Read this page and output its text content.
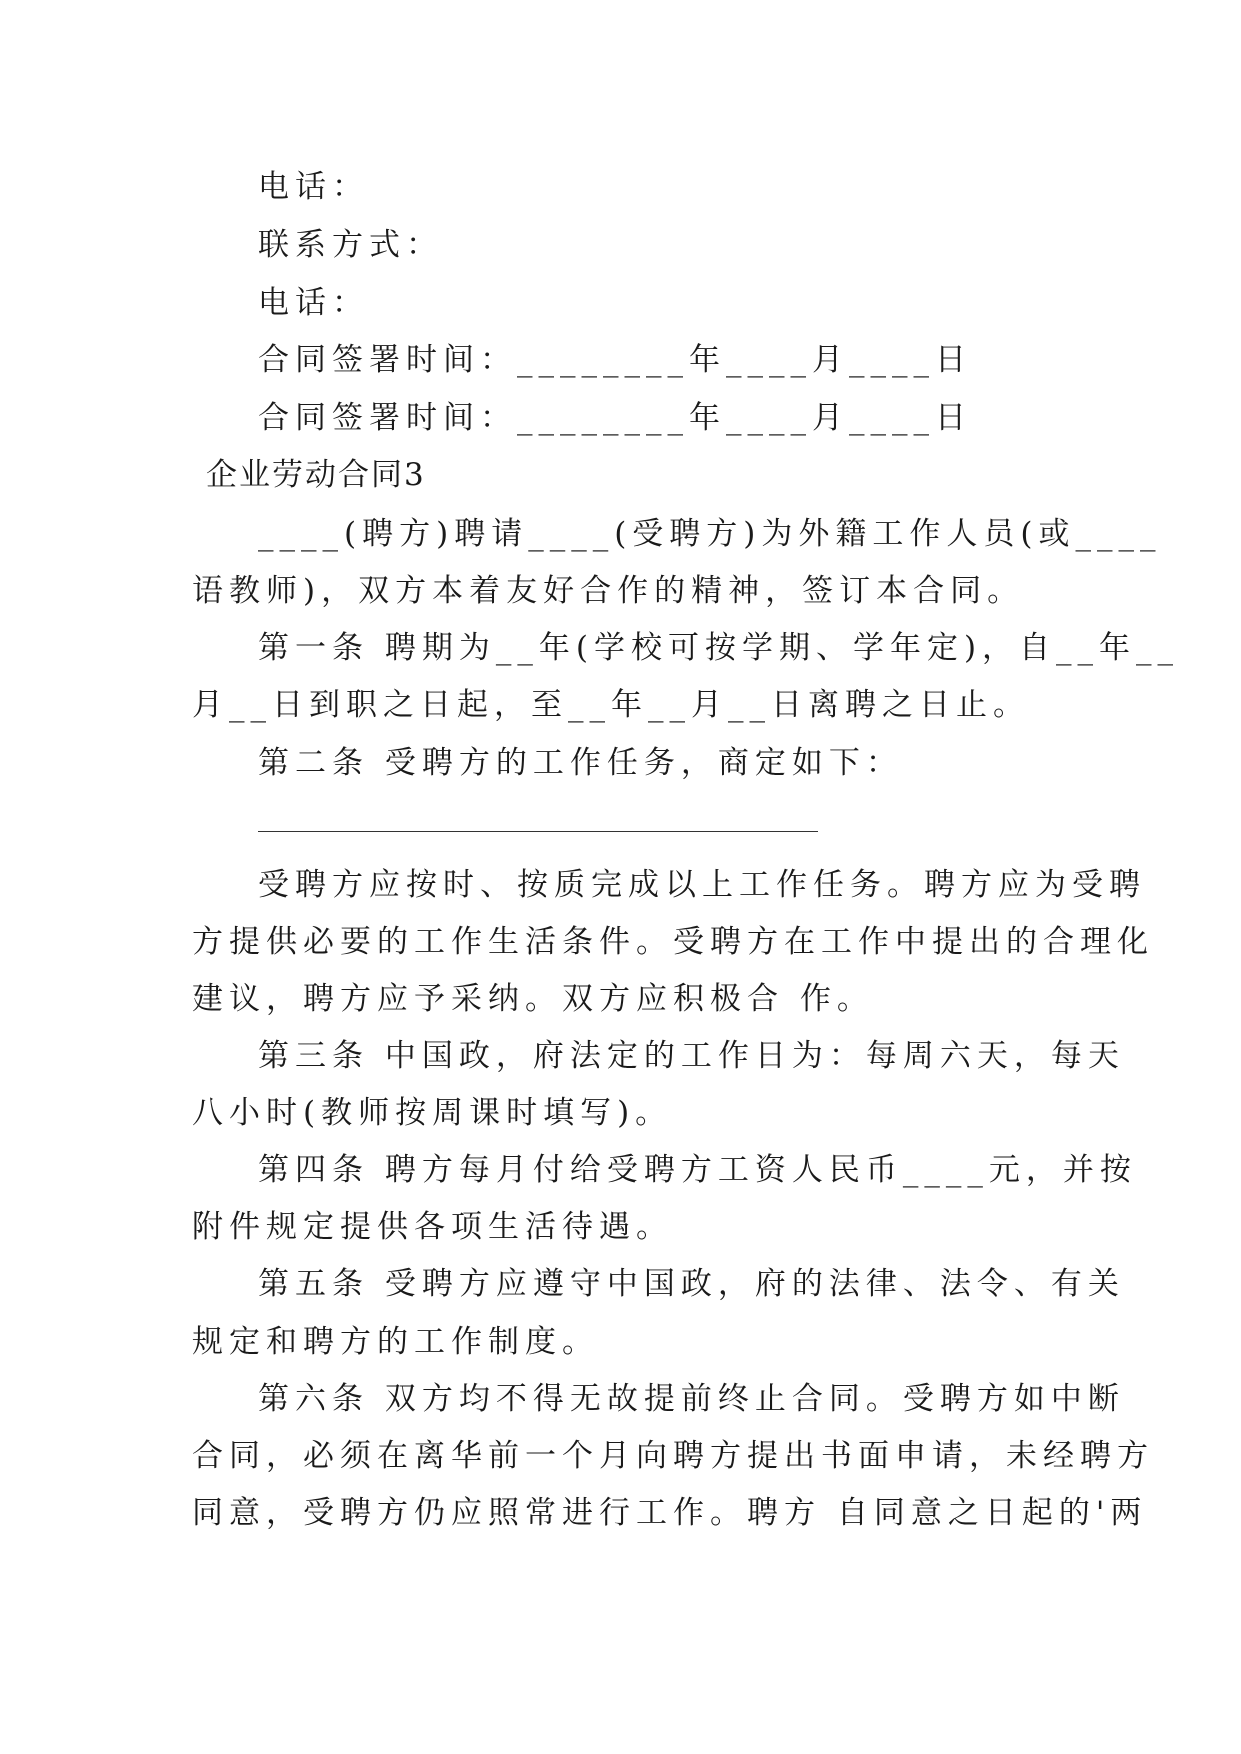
电话：
联系方式：
电话：
合同签署时间：________年____月____日
合同签署时间：________年____月____日
企业劳动合同3
____(聘方)聘请____(受聘方)为外籍工作人员(或____
语教师)，双方本着友好合作的精神，签订本合同。
第一条 聘期为__年(学校可按学期、学年定)，自__年__
月__日到职之日起，至__年__月__日离聘之日止。
第二条 受聘方的工作任务，商定如下：
受聘方应按时、按质完成以上工作任务。聘方应为受聘
方提供必要的工作生活条件。受聘方在工作中提出的合理化
建议，聘方应予采纳。双方应积极合 作。
第三条 中国政，府法定的工作日为：每周六天，每天
八小时(教师按周课时填写)。
第四条 聘方每月付给受聘方工资人民币____元，并按
附件规定提供各项生活待遇。
第五条 受聘方应遵守中国政，府的法律、法令、有关
规定和聘方的工作制度。
第六条 双方均不得无故提前终止合同。受聘方如中断
合同，必须在离华前一个月向聘方提出书面申请，未经聘方
同意，受聘方仍应照常进行工作。聘方 自同意之日起的'两
